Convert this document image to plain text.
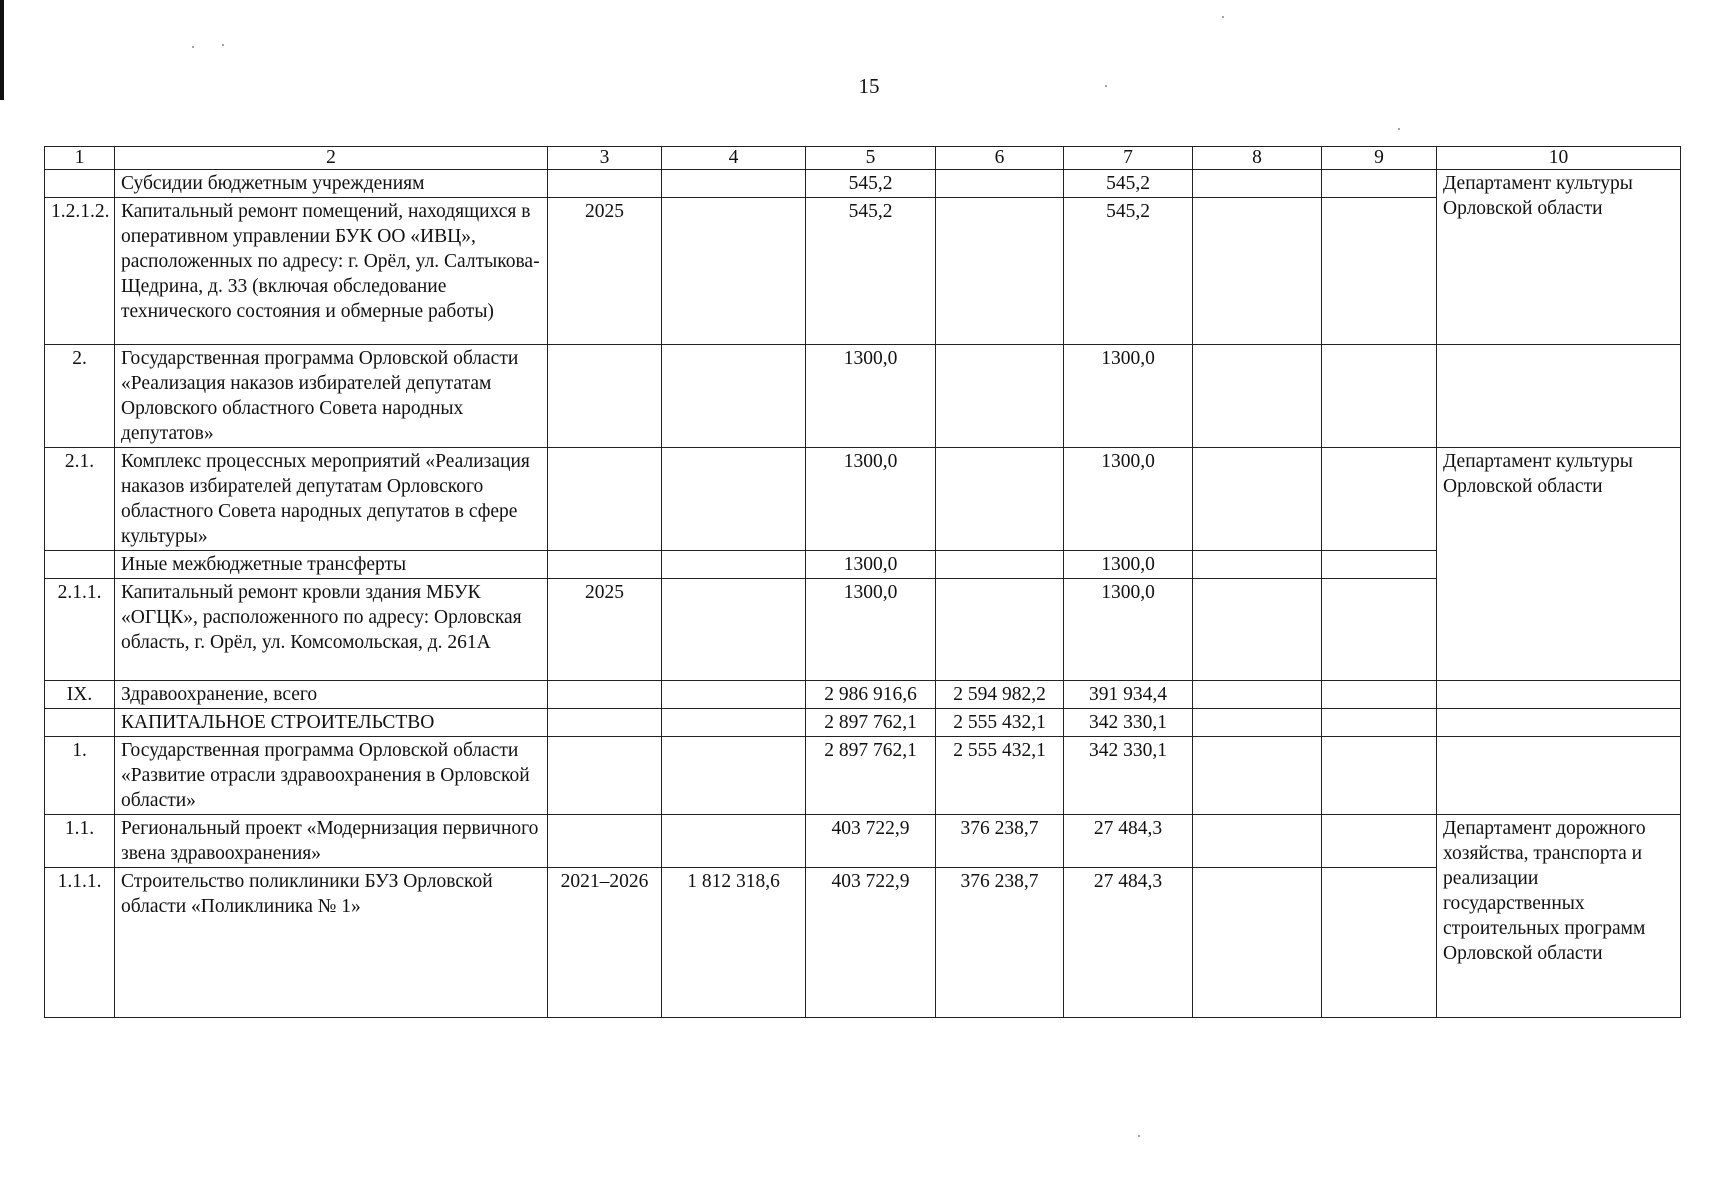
15
1	2	3	4	5	6	7	8	9	10
	Субсидии бюджетным учреждениям			545,2		545,2			Департамент культуры Орловской области
1.2.1.2.	Капитальный ремонт помещений, находящихся в оперативном управлении БУК ОО «ИВЦ», расположенных по адресу: г. Орёл, ул. Салтыкова-Щедрина, д. 33 (включая обследование технического состояния и обмерные работы)	2025		545,2		545,2			
2.	Государственная программа Орловской области «Реализация наказов избирателей депутатам Орловского областного Совета народных депутатов»			1300,0		1300,0			
2.1.	Комплекс процессных мероприятий «Реализация наказов избирателей депутатам Орловского областного Совета народных депутатов в сфере культуры»			1300,0		1300,0			Департамент культуры Орловской области
	Иные межбюджетные трансферты			1300,0		1300,0			
2.1.1.	Капитальный ремонт кровли здания МБУК «ОГЦК», расположенного по адресу: Орловская область, г. Орёл, ул. Комсомольская, д. 261А	2025		1300,0		1300,0			
IX.	Здравоохранение, всего			2 986 916,6	2 594 982,2	391 934,4			
	КАПИТАЛЬНОЕ СТРОИТЕЛЬСТВО			2 897 762,1	2 555 432,1	342 330,1			
1.	Государственная программа Орловской области «Развитие отрасли здравоохранения в Орловской области»			2 897 762,1	2 555 432,1	342 330,1			
1.1.	Региональный проект «Модернизация первичного звена здравоохранения»			403 722,9	376 238,7	27 484,3			Департамент дорожного хозяйства, транспорта и реализации государственных строительных программ Орловской области
1.1.1.	Строительство поликлиники БУЗ Орловской области «Поликлиника № 1»	2021–2026	1 812 318,6	403 722,9	376 238,7	27 484,3			
